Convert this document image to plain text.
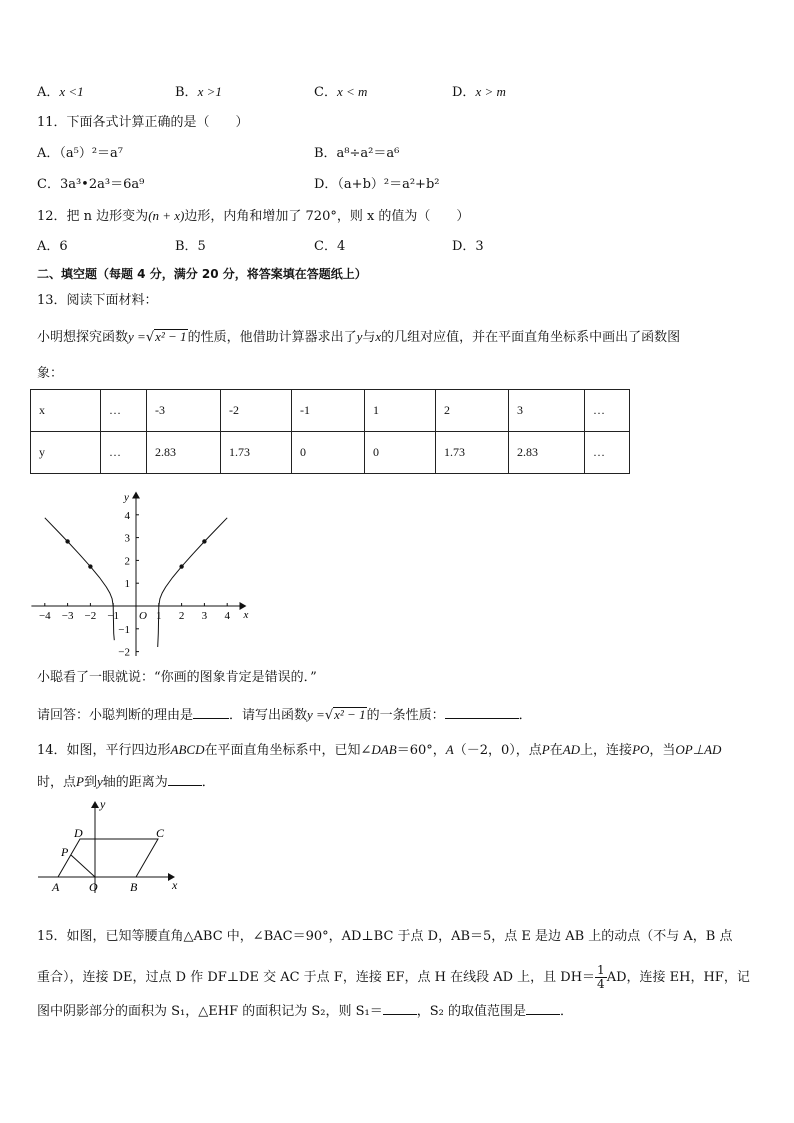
A．x <1	B．x >1	C．x < m	D．x > m
11．下面各式计算正确的是（　　）
A．（a⁵）²＝a⁷	B．a⁸÷a²＝a⁶
C．3a³•2a³＝6a⁹	D．（a+b）²＝a²+b²
12．把 n 边形变为(n + x)边形，内角和增加了 720°，则 x 的值为（　　）
A．6	B．5	C．4	D．3
二、填空题（每题 4 分，满分 20 分，将答案填在答题纸上）
13．阅读下面材料：
小明想探究函数y =√x² − 1的性质，他借助计算器求出了y与x的几组对应值，并在平面直角坐标系中画出了函数图
象：
x	…	-3	-2	-1	1	2	3	…
y	…	2.83	1.73	0	0	1.73	2.83	…
−4 −3 −2 −1	1 2 3 4
4
3
2
1
−1
−2
O	x
y
小聪看了一眼就说：“你画的图象肯定是错误的．”
请回答：小聪判断的理由是	．请写出函数y =√x² − 1的一条性质：	．
14．如图，平行四边形ABCD在平面直角坐标系中，已知∠DAB＝60°，A（－2，0），点P在AD上，连接PO，当OP⊥AD
时，点P到y轴的距离为	．
y
x
D	C
P
A O	B
15．如图，已知等腰直角△ABC 中，∠BAC＝90°，AD⊥BC 于点 D，AB＝5，点 E 是边 AB 上的动点（不与 A，B 点
重合），连接 DE，过点 D 作 DF⊥DE 交 AC 于点 F，连接 EF，点 H 在线段 AD 上，且 $DH= \frac{1}{4}$ AD，连接 EH，HF，记
图中阴影部分的面积为 S₁，△EHF 的面积记为 S₂，则 S₁＝	，S₂ 的取值范围是	．
